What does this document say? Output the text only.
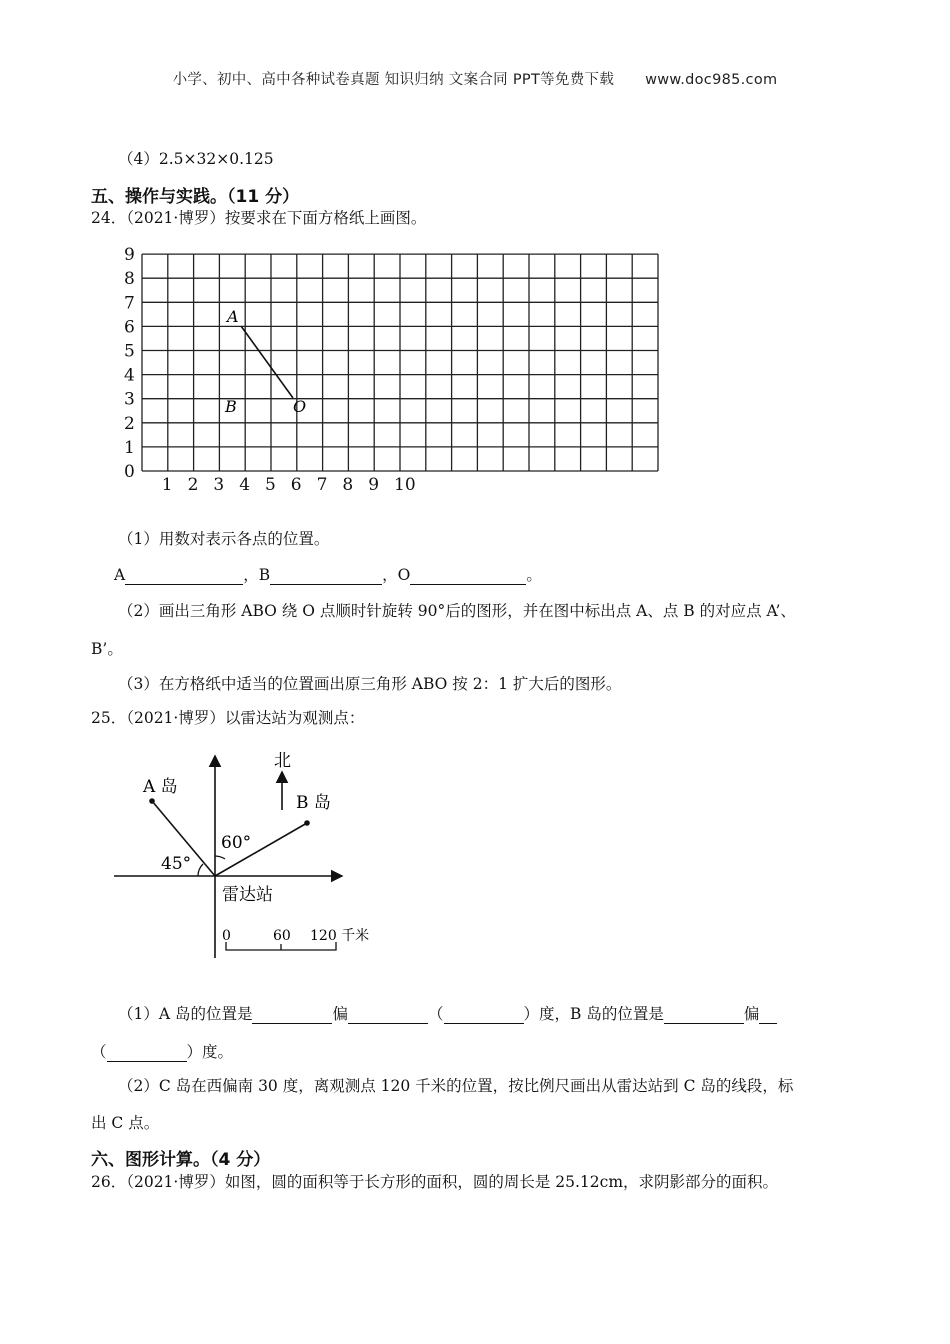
小学、初中、高中各种试卷真题 知识归纳 文案合同 PPT等免费下载 www.doc985.com
（4）2.5×32×0.125
五、操作与实践。（11 分）
24．（2021·博罗）按要求在下面方格纸上画图。
0
1
2
3
4
5
6
7
8
9
1 2 3 4 5 6 7 8 9 10
A
B	O
（1）用数对表示各点的位置。
A	，B	，O	。
（2）画出三角形 ABO 绕 O 点顺时针旋转 90°后的图形，并在图中标出点 A、点 B 的对应点 A’、
B’。
（3）在方格纸中适当的位置画出原三角形 ABO 按 2：1 扩大后的图形。
25．（2021·博罗）以雷达站为观测点：
北
A 岛
B 岛
45°
60°
雷达站
0	60 120 千米
（1）A 岛的位置是	偏	（	）度，B 岛的位置是	偏
（	）度。
（2）C 岛在西偏南 30 度，离观测点 120 千米的位置，按比例尺画出从雷达站到 C 岛的线段，标
出 C 点。
六、图形计算。（4 分）
26．（2021·博罗）如图，圆的面积等于长方形的面积，圆的周长是 25.12cm，求阴影部分的面积。
